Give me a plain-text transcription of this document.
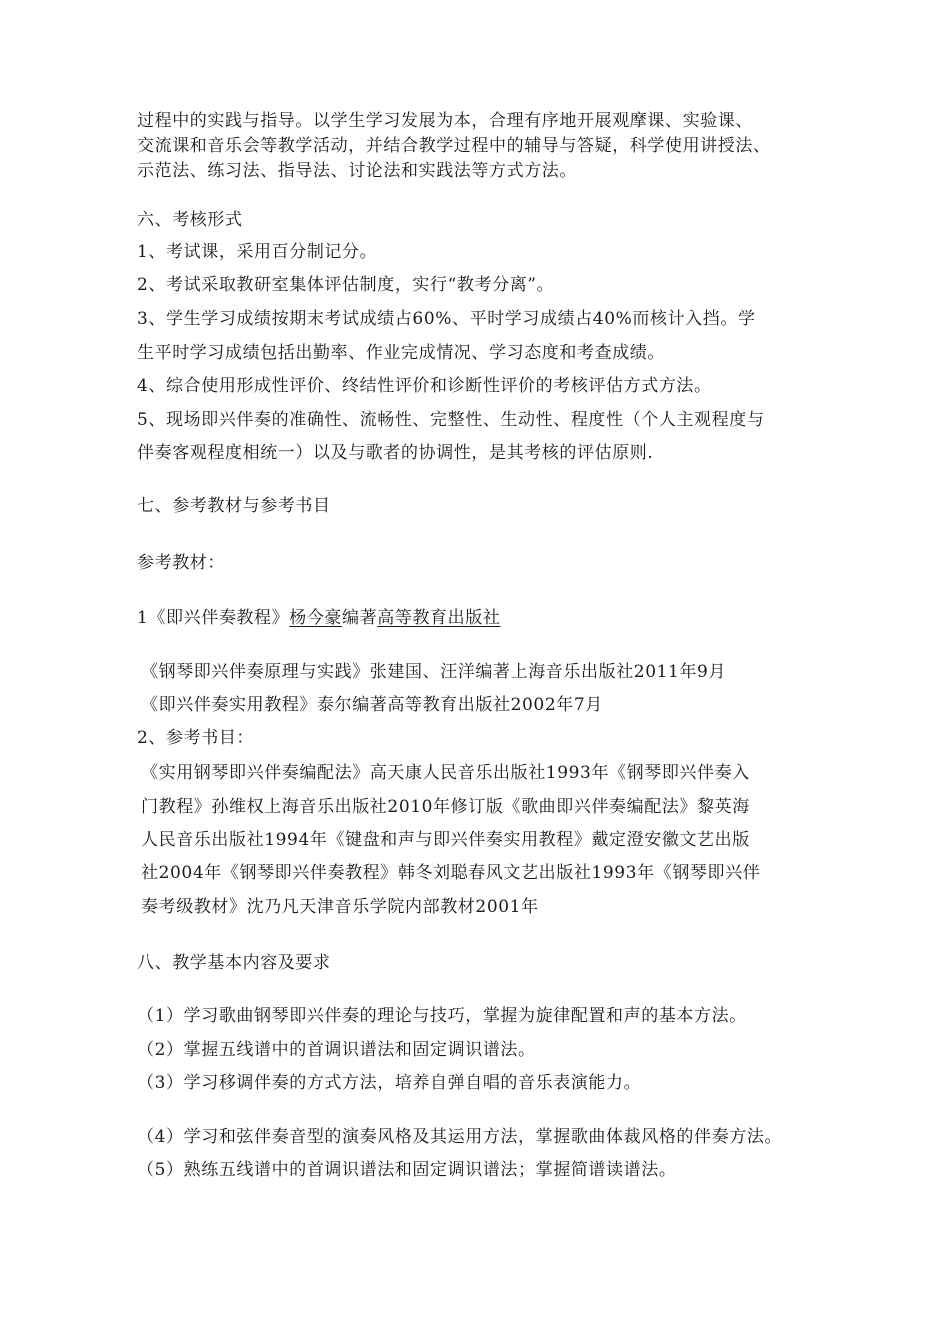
过程中的实践与指导。以学生学习发展为本，合理有序地开展观摩课、实验课、

交流课和音乐会等教学活动，并结合教学过程中的辅导与答疑，科学使用讲授法、

示范法、练习法、指导法、讨论法和实践法等方式方法。

六、考核形式

1、考试课，采用百分制记分。

2、考试采取教研室集体评估制度，实行“教考分离”。

3、学生学习成绩按期末考试成绩占60%、平时学习成绩占40%而核计入挡。学

生平时学习成绩包括出勤率、作业完成情况、学习态度和考查成绩。

4、综合使用形成性评价、终结性评价和诊断性评价的考核评估方式方法。

5、现场即兴伴奏的准确性、流畅性、完整性、生动性、程度性（个人主观程度与

伴奏客观程度相统一）以及与歌者的协调性，是其考核的评估原则.

七、参考教材与参考书目

参考教材：

1《即兴伴奏教程》杨今豪编著高等教育出版社

《钢琴即兴伴奏原理与实践》张建国、汪洋编著上海音乐出版社2011年9月

《即兴伴奏实用教程》泰尔编著高等教育出版社2002年7月

2、参考书目：

《实用钢琴即兴伴奏编配法》高天康人民音乐出版社1993年《钢琴即兴伴奏入

门教程》孙维权上海音乐出版社2010年修订版《歌曲即兴伴奏编配法》黎英海

人民音乐出版社1994年《键盘和声与即兴伴奏实用教程》戴定澄安徽文艺出版

社2004年《钢琴即兴伴奏教程》韩冬刘聪春风文艺出版社1993年《钢琴即兴伴

奏考级教材》沈乃凡天津音乐学院内部教材2001年

八、教学基本内容及要求

（1）学习歌曲钢琴即兴伴奏的理论与技巧，掌握为旋律配置和声的基本方法。

（2）掌握五线谱中的首调识谱法和固定调识谱法。

（3）学习移调伴奏的方式方法，培养自弹自唱的音乐表演能力。

（4）学习和弦伴奏音型的演奏风格及其运用方法，掌握歌曲体裁风格的伴奏方法。

（5）熟练五线谱中的首调识谱法和固定调识谱法；掌握简谱读谱法。
